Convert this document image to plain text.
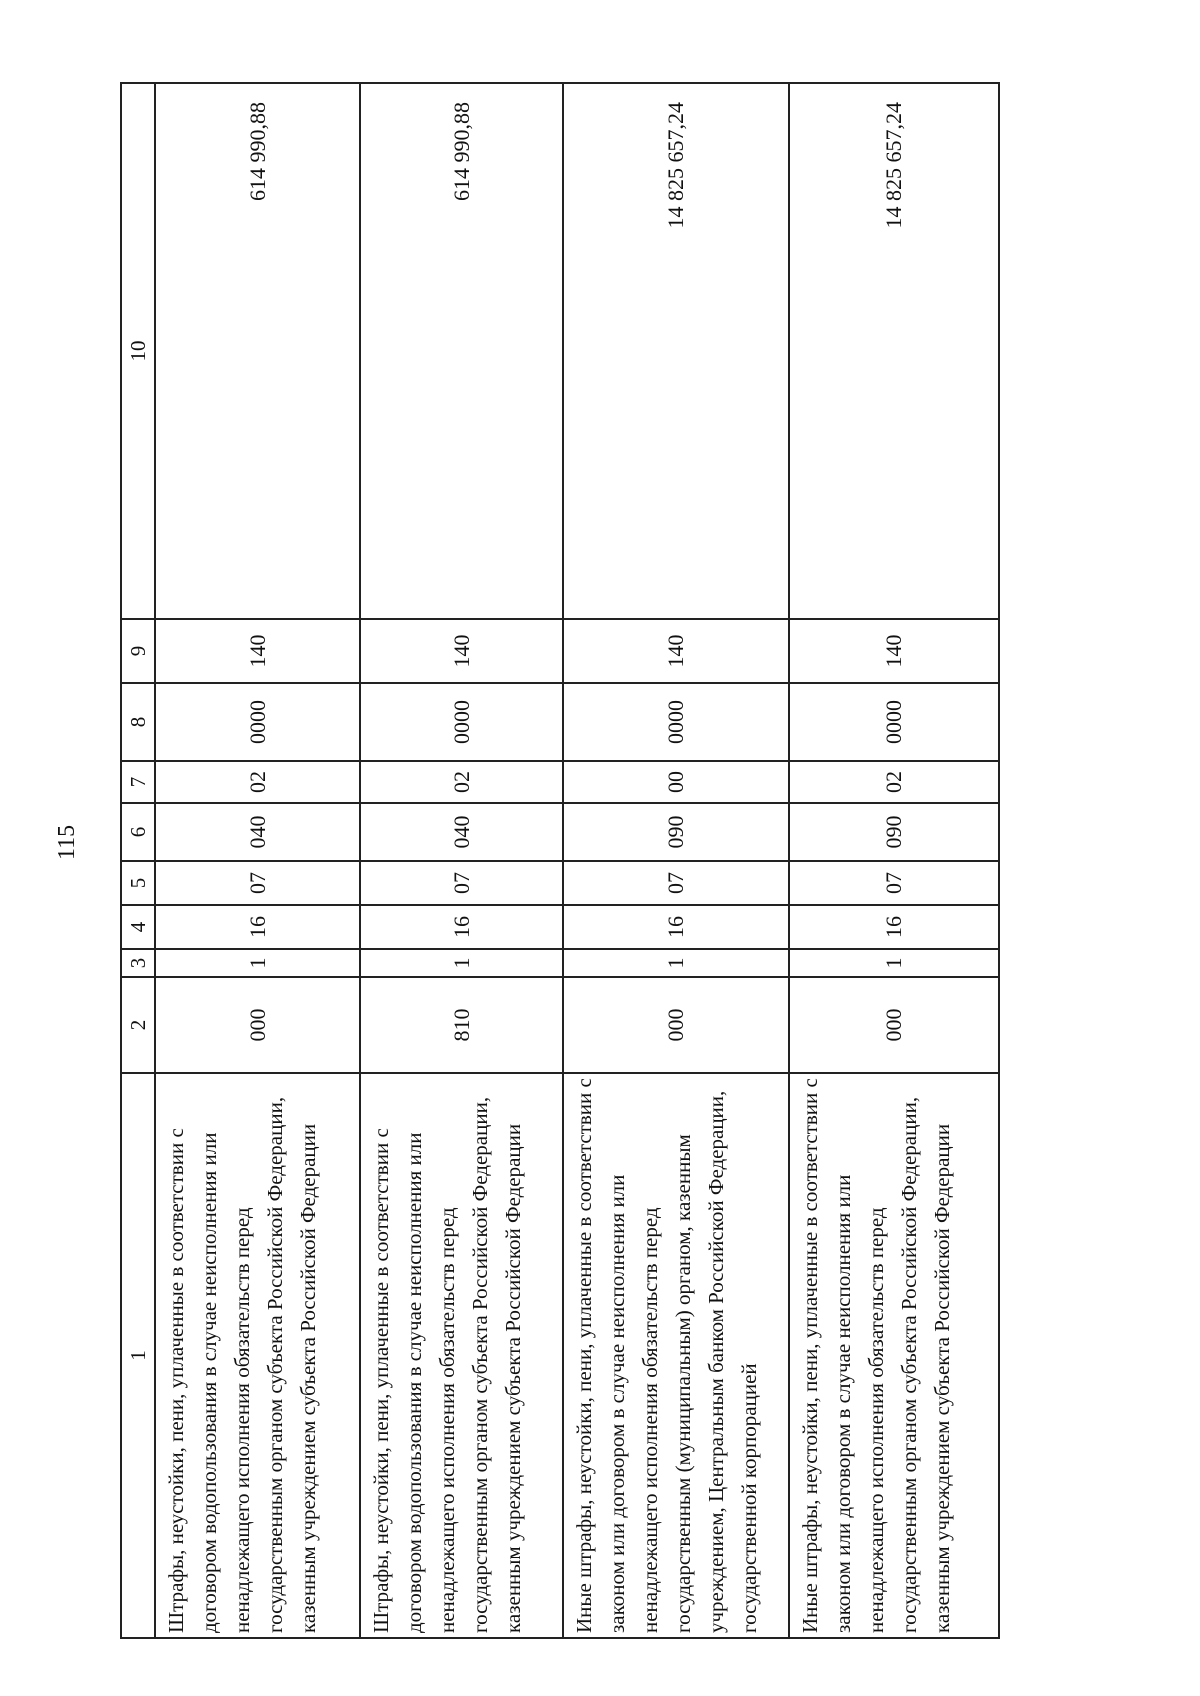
115
1	2	3	4	5	6	7	8	9	10
Штрафы, неустойки, пени, уплаченные в соответствии с договором водопользования в случае неисполнения или ненадлежащего исполнения обязательств перед государственным органом субъекта Российской Федерации, казенным учреждением субъекта Российской Федерации	000	1	16	07	040	02	0000	140	614 990,88
Штрафы, неустойки, пени, уплаченные в соответствии с договором водопользования в случае неисполнения или ненадлежащего исполнения обязательств перед государственным органом субъекта Российской Федерации, казенным учреждением субъекта Российской Федерации	810	1	16	07	040	02	0000	140	614 990,88
Иные штрафы, неустойки, пени, уплаченные в соответствии с законом или договором в случае неисполнения или ненадлежащего исполнения обязательств перед государственным (муниципальным) органом, казенным учреждением, Центральным банком Российской Федерации, государственной корпорацией	000	1	16	07	090	00	0000	140	14 825 657,24
Иные штрафы, неустойки, пени, уплаченные в соответствии с законом или договором в случае неисполнения или ненадлежащего исполнения обязательств перед государственным органом субъекта Российской Федерации, казенным учреждением субъекта Российской Федерации	000	1	16	07	090	02	0000	140	14 825 657,24
